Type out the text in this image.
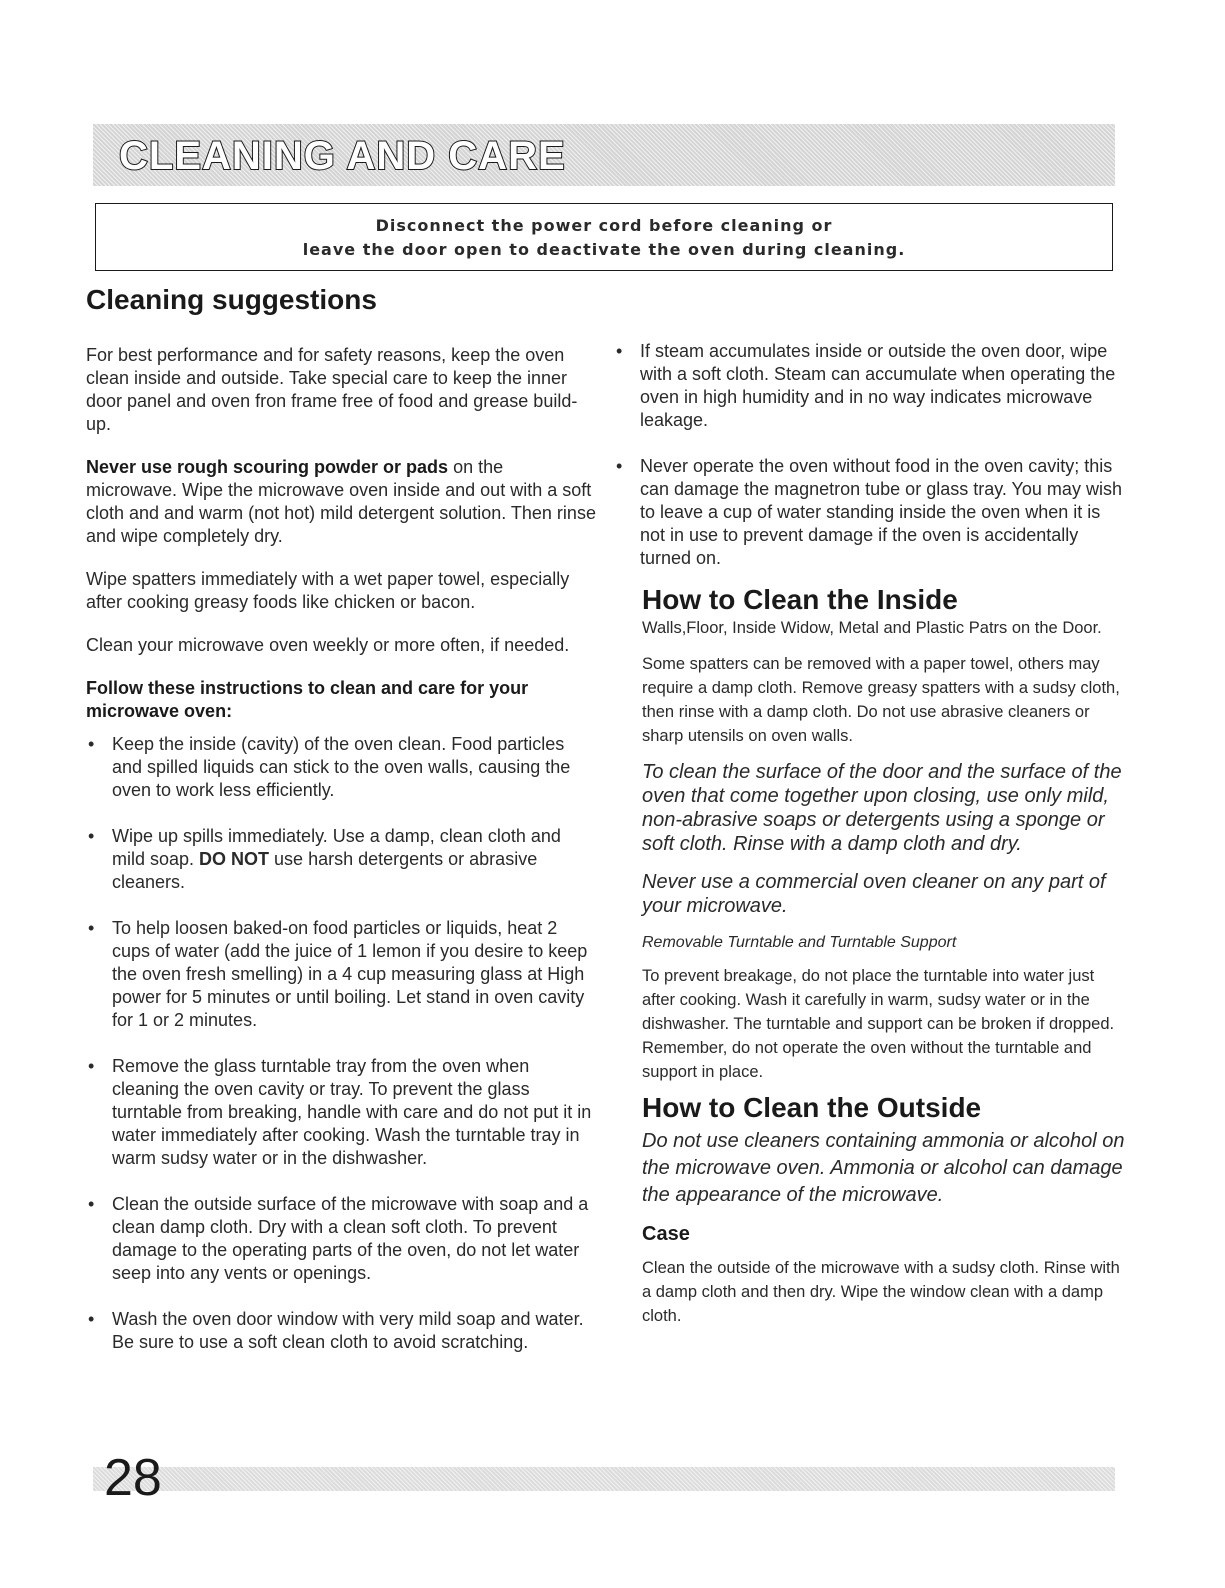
CLEANING AND CARE
Disconnect the power cord before cleaning or
leave the door open to deactivate the oven during cleaning.
Cleaning suggestions

For best performance and for safety reasons, keep the oven clean inside and outside. Take special care to keep the inner door panel and oven fron frame free of food and grease build-up.

Never use rough scouring powder or pads on the microwave. Wipe the microwave oven inside and out with a soft cloth and and warm (not hot) mild detergent solution. Then rinse and wipe completely dry.

Wipe spatters immediately with a wet paper towel, especially after cooking greasy foods like chicken or bacon.

Clean your microwave oven weekly or more often, if needed.

Follow these instructions to clean and care for your microwave oven:

• Keep the inside (cavity) of the oven clean. Food particles and spilled liquids can stick to the oven walls, causing the oven to work less efficiently.
• Wipe up spills immediately. Use a damp, clean cloth and mild soap. DO NOT use harsh detergents or abrasive cleaners.
• To help loosen baked-on food particles or liquids, heat 2 cups of water (add the juice of 1 lemon if you desire to keep the oven fresh smelling) in a 4 cup measuring glass at High power for 5 minutes or until boiling. Let stand in oven cavity for 1 or 2 minutes.
• Remove the glass turntable tray from the oven when cleaning the oven cavity or tray. To prevent the glass turntable from breaking, handle with care and do not put it in water immediately after cooking. Wash the turntable tray in warm sudsy water or in the dishwasher.
• Clean the outside surface of the microwave with soap and a clean damp cloth. Dry with a clean soft cloth. To prevent damage to the operating parts of the oven, do not let water seep into any vents or openings.
• Wash the oven door window with very mild soap and water. Be sure to use a soft clean cloth to avoid scratching.
• If steam accumulates inside or outside the oven door, wipe with a soft cloth. Steam can accumulate when operating the oven in high humidity and in no way indicates microwave leakage.
• Never operate the oven without food in the oven cavity; this can damage the magnetron tube or glass tray. You may wish to leave a cup of water standing inside the oven when it is not in use to prevent damage if the oven is accidentally turned on.
How to Clean the Inside

Walls,Floor, Inside Widow, Metal and Plastic Patrs on the Door.

Some spatters can be removed with a paper towel, others may require a damp cloth. Remove greasy spatters with a sudsy cloth, then rinse with a damp cloth. Do not use abrasive cleaners or sharp utensils on oven walls.

To clean the surface of the door and the surface of the oven that come together upon closing, use only mild, non-abrasive soaps or detergents using a sponge or soft cloth. Rinse with a damp cloth and dry.

Never use a commercial oven cleaner on any part of your microwave.

Removable Turntable and Turntable Support

To prevent breakage, do not place the turntable into water just after cooking. Wash it carefully in warm, sudsy water or in the dishwasher. The turntable and support can be broken if dropped. Remember, do not operate the oven without the turntable and support in place.

How to Clean the Outside

Do not use cleaners containing ammonia or alcohol on the microwave oven. Ammonia or alcohol can damage the appearance of the microwave.

Case

Clean the outside of the microwave with a sudsy cloth. Rinse with a damp cloth and then dry. Wipe the window clean with a damp cloth.

28
